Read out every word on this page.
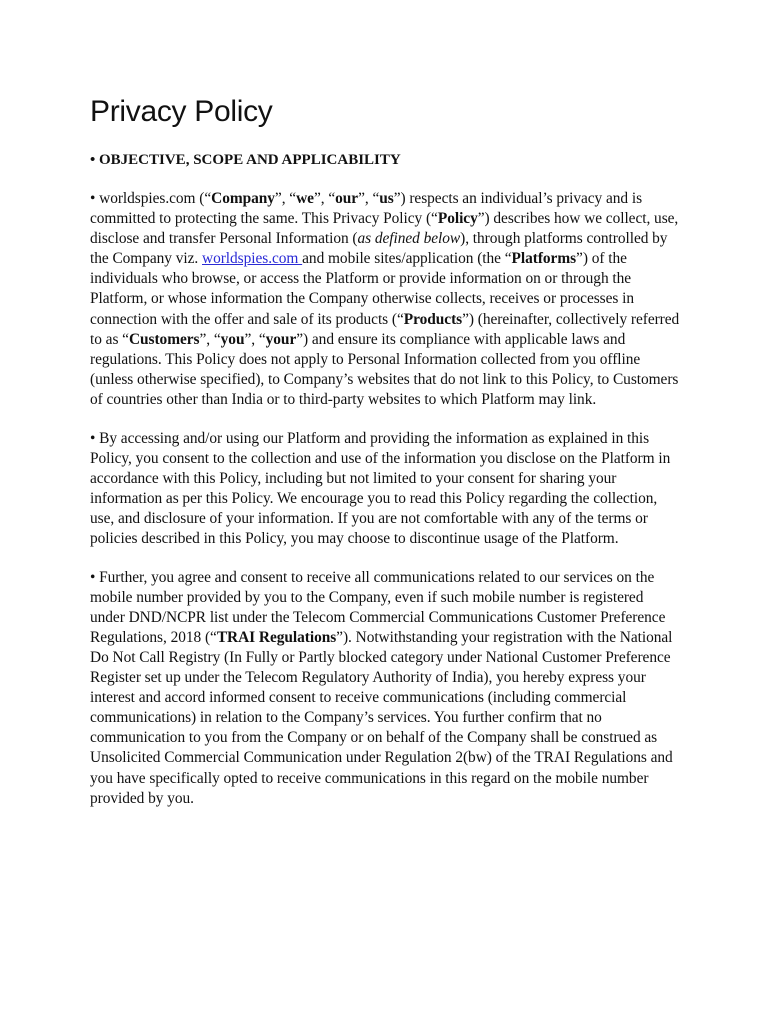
Privacy Policy
• OBJECTIVE, SCOPE AND APPLICABILITY

• worldspies.com (“Company”, “we”, “our”, “us”) respects an individual’s privacy and is committed to protecting the same. This Privacy Policy (“Policy”) describes how we collect, use, disclose and transfer Personal Information (as defined below), through platforms controlled by the Company viz. worldspies.com and mobile sites/application (the “Platforms”) of the individuals who browse, or access the Platform or provide information on or through the Platform, or whose information the Company otherwise collects, receives or processes in connection with the offer and sale of its products (“Products”) (hereinafter, collectively referred to as “Customers”, “you”, “your”) and ensure its compliance with applicable laws and regulations. This Policy does not apply to Personal Information collected from you offline (unless otherwise specified), to Company’s websites that do not link to this Policy, to Customers of countries other than India or to third-party websites to which Platform may link.

• By accessing and/or using our Platform and providing the information as explained in this Policy, you consent to the collection and use of the information you disclose on the Platform in accordance with this Policy, including but not limited to your consent for sharing your information as per this Policy. We encourage you to read this Policy regarding the collection, use, and disclosure of your information. If you are not comfortable with any of the terms or policies described in this Policy, you may choose to discontinue usage of the Platform.

• Further, you agree and consent to receive all communications related to our services on the mobile number provided by you to the Company, even if such mobile number is registered under DND/NCPR list under the Telecom Commercial Communications Customer Preference Regulations, 2018 (“TRAI Regulations”). Notwithstanding your registration with the National Do Not Call Registry (In Fully or Partly blocked category under National Customer Preference Register set up under the Telecom Regulatory Authority of India), you hereby express your interest and accord informed consent to receive communications (including commercial communications) in relation to the Company’s services. You further confirm that no communication to you from the Company or on behalf of the Company shall be construed as Unsolicited Commercial Communication under Regulation 2(bw) of the TRAI Regulations and you have specifically opted to receive communications in this regard on the mobile number provided by you.
